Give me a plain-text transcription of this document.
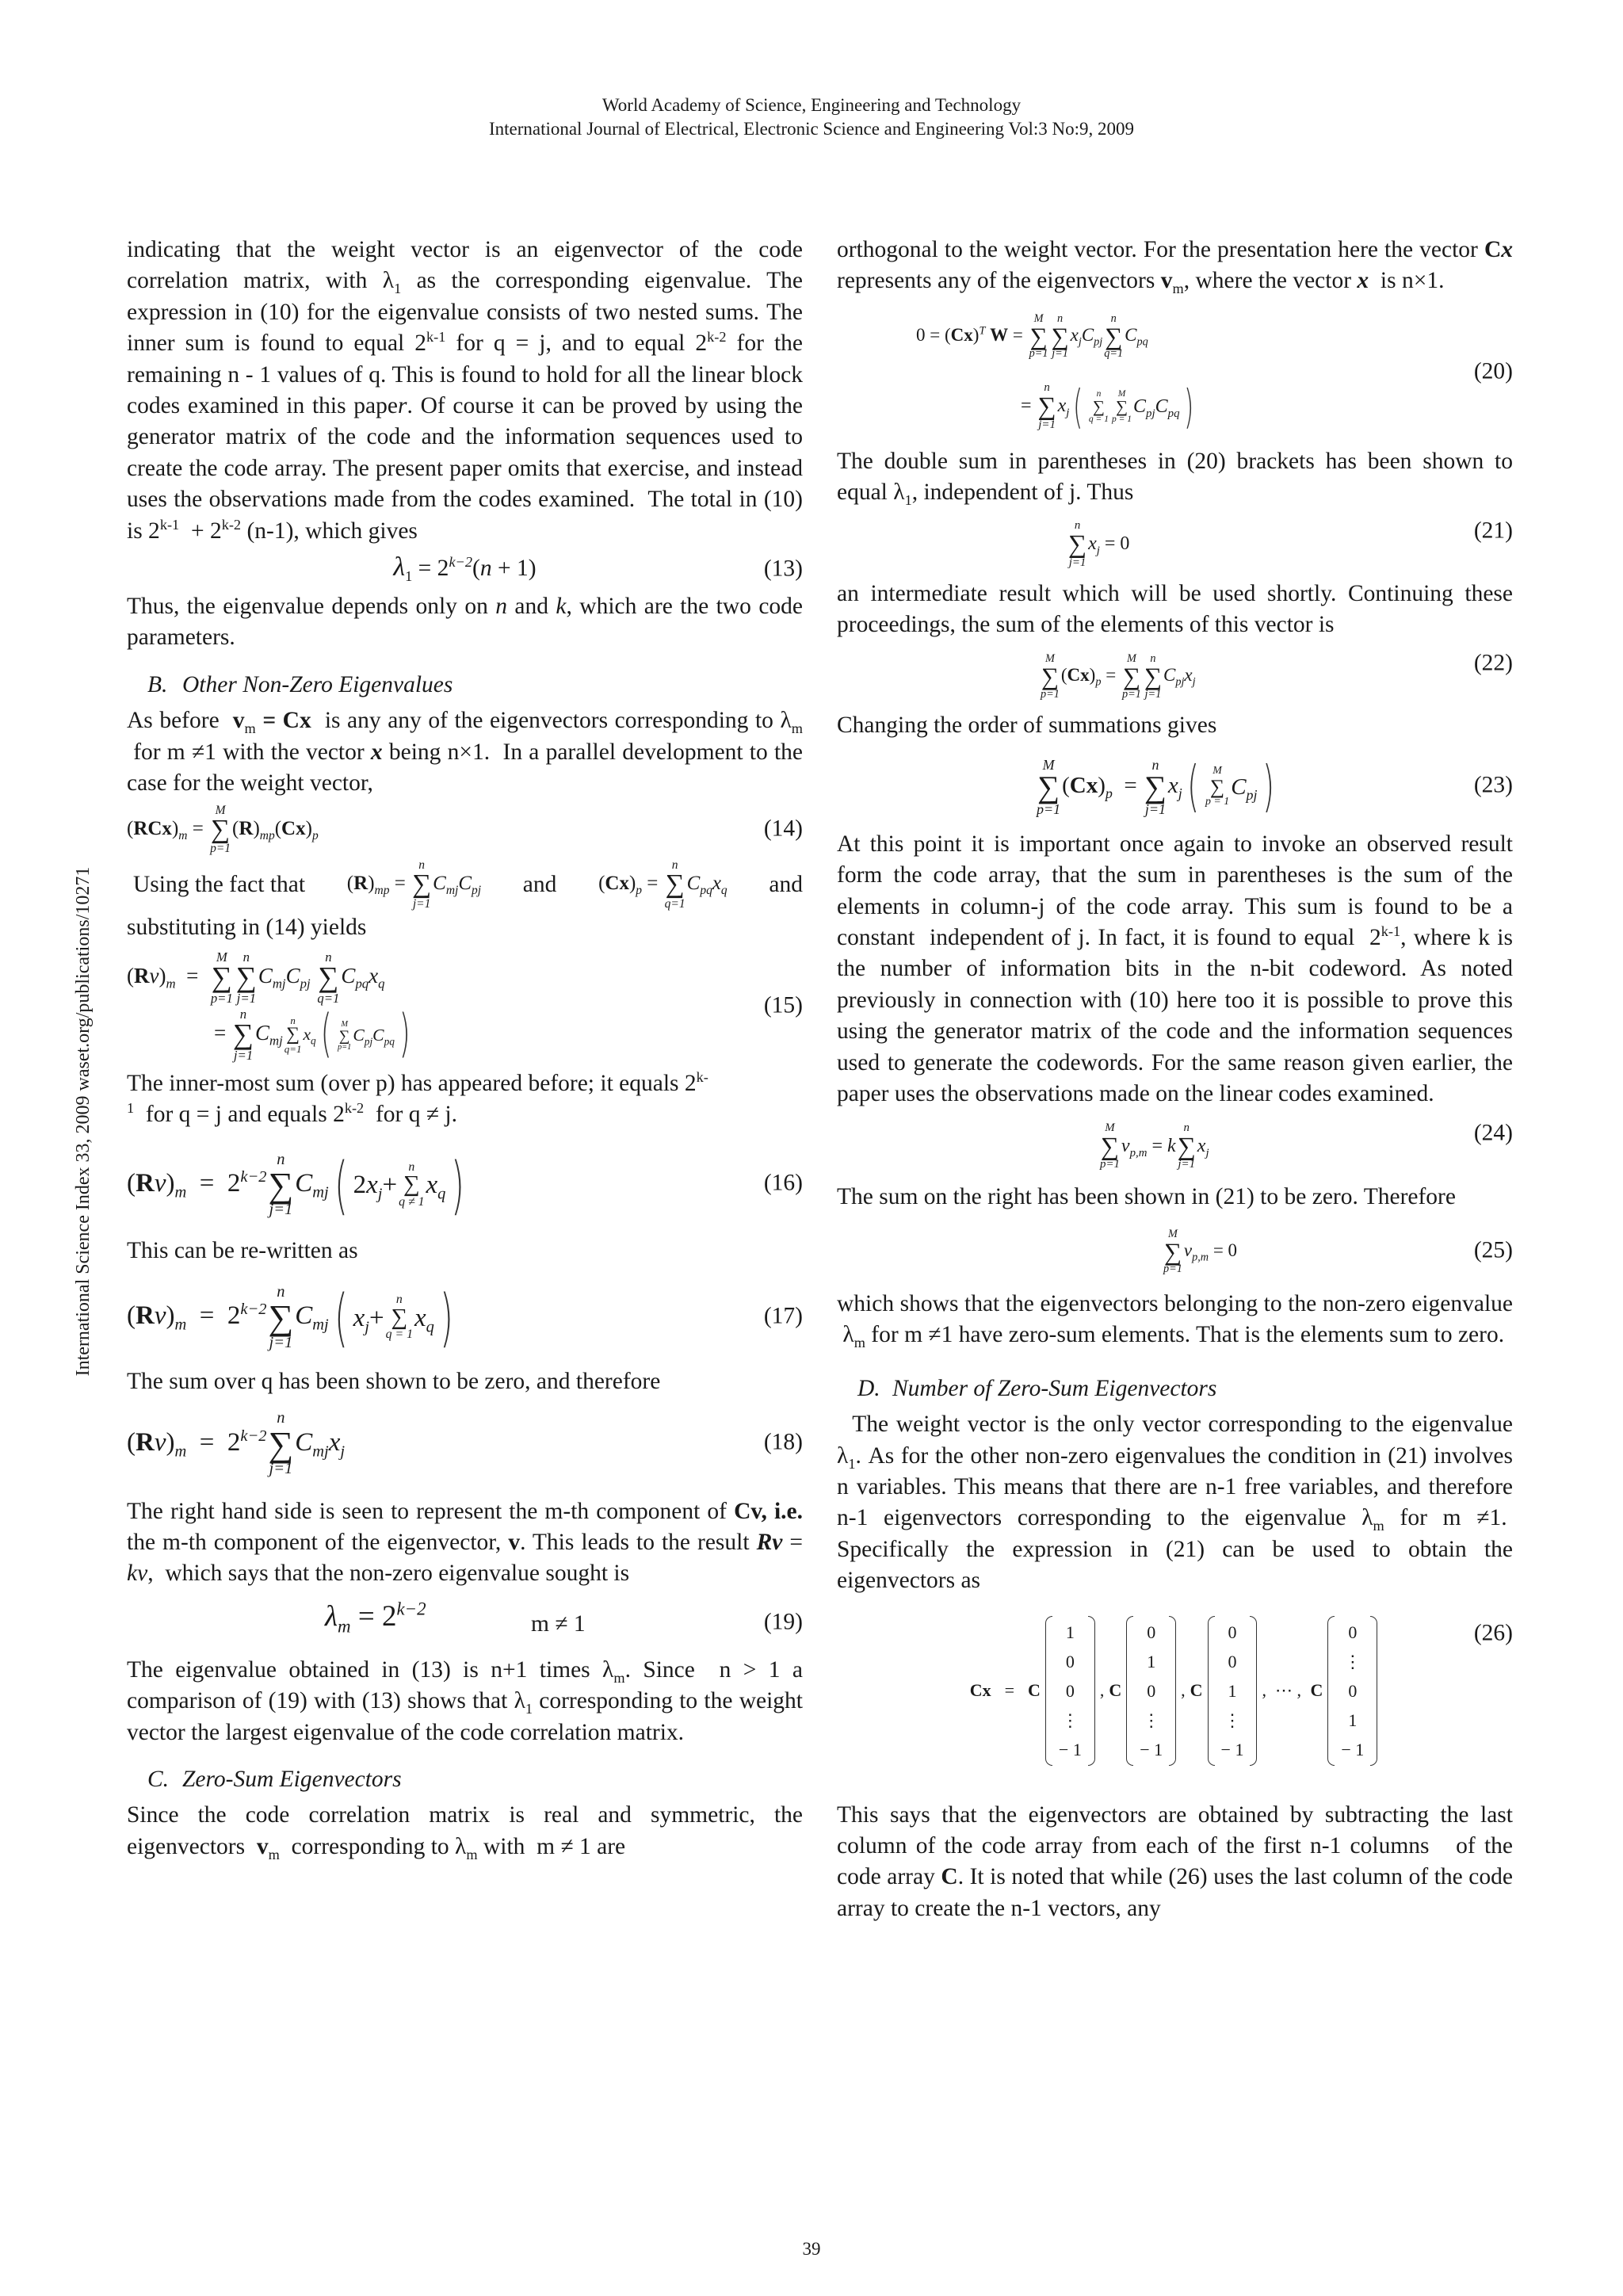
World Academy of Science, Engineering and Technology
International Journal of Electrical, Electronic Science and Engineering Vol:3 No:9, 2009
International Science Index 33, 2009 waset.org/publications/10271

indicating that the weight vector is an eigenvector of the code correlation matrix, with $\lambda_1$ as the corresponding eigenvalue. The expression in (10) for the eigenvalue consists of two nested sums. The inner sum is found to equal 2$^{k-1}$ for q = j, and to equal 2$^{k-2}$ for the remaining n - 1 values of q. This is found to hold for all the linear block codes examined in this paper. Of course it can be proved by using the generator matrix of the code and the information sequences used to create the code array. The present paper omits that exercise, and instead uses the observations made from the codes examined.  The total in (10) is $2^{k-1} + 2^{k-2}$ (n-1), which gives

$\lambda_1 = 2^{k-2}(n + 1)$	(13)

Thus, the eigenvalue depends only on n and k, which are the two code parameters.

B. Other Non-Zero Eigenvalues

As before  $v_m = Cx$  is any any of the eigenvectors corresponding to $\lambda_m$  for m ≠1 with the vector x being n×1.  In a parallel development to the case for the weight vector,

$(RCx)_m$ =
M
∑
p=1
$(R)_{mp}(Cx)_p$	(14)
Using the fact that $(R)_{mp}$ =
n
∑
j=1
$C_{mj}C_{pj}$ and $(Cx)_p$ =
n
∑
q=1
$C_{pq}x_q$ and

substituting in (14) yields

$(Rv)_m$  =
M
∑
p=1
n
∑
j=1
$C_{mj}C_{pj}$
n
∑
q=1
$C_{pq}x_q$
=
n
∑
j=1
$C_{mj}$
n
∑
q=1
$x_q$ ( M
∑
p=1
$C_{pj}C_{pq}$ )	(15)

The inner-most sum (over p) has appeared before; it equals $2^{k-}$
$^1$  for q = j and equals 2$^{k-2}$  for q ≠ j.

$(Rv)_m = 2^{k-2}$
n
∑
j=1
$C_{mj}$ ( 2 $x_j$ +
n
∑
q ≠ 1
$x_q$ )	(16)

This can be re-written as

$(Rv)_m = 2^{k-2}$
n
∑
j=1
$C_{mj}$ ( $x_j$ +
n
∑
q = 1
$x_q$ )	(17)

The sum over q has been shown to be zero, and therefore

$(Rv)_m = 2^{k-2}$
n
∑
j=1
$C_{mj}x_j$	(18)

The right hand side is seen to represent the m-th component of Cv, i.e. the m-th component of the eigenvector, v. This leads to the result Rv = kv,  which says that the non-zero eigenvalue sought is

$\lambda_m = 2^{k-2}$
m ≠ 1	(19)

The eigenvalue obtained in (13) is n+1 times $\lambda_m$. Since  n > 1 a comparison of (19) with (13) shows that $\lambda_1$ corresponding to the weight vector the largest eigenvalue of the code correlation matrix.

C. Zero-Sum Eigenvectors

Since the code correlation matrix is real and symmetric, the eigenvectors  $v_m$  corresponding to $\lambda_m$ with  m ≠ 1 are

orthogonal to the weight vector. For the presentation here the vector Cx represents any of the eigenvectors $v_m$, where the vector x  is n×1.

$0 = (Cx)^T$ W =
M
∑
p=1
n
∑
j=1
$x_jC_{pj}$
n
∑
q=1
$C_{pq}$
=
n
∑
j=1
$x_j$ ( n
∑
q = 1
M
∑
p = 1
$C_{pj}C_{pq}$ )
(20)

The double sum in parentheses in (20) brackets has been shown to equal $\lambda_1$, independent of j. Thus

n
∑
j=1
$x_j = 0$	(21)

an intermediate result which will be used shortly. Continuing these proceedings, the sum of the elements of this vector is

M
∑
p=1
$(Cx)_p$ =
M
∑
p=1
n
∑
j=1
$C_{pj}x_j$
(22)

Changing the order of summations gives

M
∑
p=1
$(Cx)_p$  =
n
∑
j=1
$x_j$ ( M
∑
p = 1
$C_{pj}$ )	(23)

At this point it is important once again to invoke an observed result form the code array, that the sum in parentheses is the sum of the elements in column-j of the code array. This sum is found to be a constant  independent of j. In fact, it is found to equal  2$^{k-1}$, where k is the number of information bits in the n-bit codeword. As noted previously in connection with (10) here too it is possible to prove this using the generator matrix of the code and the information sequences used to generate the codewords. For the same reason given earlier, the paper uses the observations made on the linear codes examined.

M
∑
p=1
$v_{p,m} = k$
n
∑
j=1
$x_j$
(24)

The sum on the right has been shown in (21) to be zero. Therefore

M
∑
p=1
$v_{p,m} = 0$	(25)

which shows that the eigenvectors belonging to the non-zero eigenvalue  $\lambda_m$ for m ≠1 have zero-sum elements. That is the elements sum to zero.

D. Number of Zero-Sum Eigenvectors

The weight vector is the only vector corresponding to the eigenvalue $\lambda_1$. As for the other non-zero eigenvalues the condition in (21) involves n variables. This means that there are n-1 free variables, and therefore n-1 eigenvectors corresponding to the eigenvalue $\lambda_m$ for m ≠1.  Specifically the expression in (21) can be used to obtain the eigenvectors as

Cx = C
1
0
0
⋮
− 1
, C
0
1
0
⋮
− 1
, C
0
0
1
⋮
− 1
,  ⋯ , C
0
⋮
0
1
− 1
(26)

This says that the eigenvectors are obtained by subtracting the last column of the code array from each of the first n-1 columns   of the code array C. It is noted that while (26) uses the last column of the code array to create the n-1 vectors, any

39
